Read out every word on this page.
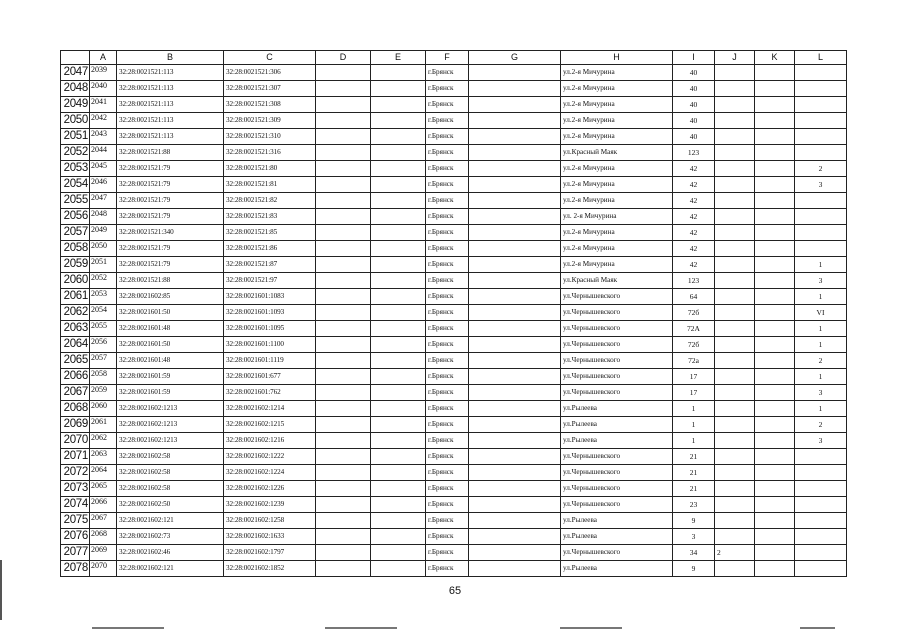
	A	B	C	D	E	F	G	H	I	J	K	L
2047	2039	32:28:0021521:113	32:28:0021521:306			г.Брянск		ул.2-я Мичурина	40			
2048	2040	32:28:0021521:113	32:28:0021521:307			г.Брянск		ул.2-я Мичурина	40			
2049	2041	32:28:0021521:113	32:28:0021521:308			г.Брянск		ул.2-я Мичурина	40			
2050	2042	32:28:0021521:113	32:28:0021521:309			г.Брянск		ул.2-я Мичурина	40			
2051	2043	32:28:0021521:113	32:28:0021521:310			г.Брянск		ул.2-я Мичурина	40			
2052	2044	32:28:0021521:88	32:28:0021521:316			г.Брянск		ул.Красный Маяк	123			
2053	2045	32:28:0021521:79	32:28:0021521:80			г.Брянск		ул.2-я Мичурина	42			2
2054	2046	32:28:0021521:79	32:28:0021521:81			г.Брянск		ул.2-я Мичурина	42			3
2055	2047	32:28:0021521:79	32:28:0021521:82			г.Брянск		ул.2-я Мичурина	42			
2056	2048	32:28:0021521:79	32:28:0021521:83			г.Брянск		ул. 2-я Мичурина	42			
2057	2049	32:28:0021521:340	32:28:0021521:85			г.Брянск		ул.2-я Мичурина	42			
2058	2050	32:28:0021521:79	32:28:0021521:86			г.Брянск		ул.2-я Мичурина	42			
2059	2051	32:28:0021521:79	32:28:0021521:87			г.Брянск		ул.2-я Мичурина	42			1
2060	2052	32:28:0021521:88	32:28:0021521:97			г.Брянск		ул.Красный Маяк	123			3
2061	2053	32:28:0021602:85	32:28:0021601:1083			г.Брянск		ул.Чернышевского	64			1
2062	2054	32:28:0021601:50	32:28:0021601:1093			г.Брянск		ул.Чернышевского	72б			VI
2063	2055	32:28:0021601:48	32:28:0021601:1095			г.Брянск		ул.Чернышевского	72А			1
2064	2056	32:28:0021601:50	32:28:0021601:1100			г.Брянск		ул.Чернышевского	72б			1
2065	2057	32:28:0021601:48	32:28:0021601:1119			г.Брянск		ул.Чернышевского	72а			2
2066	2058	32:28:0021601:59	32:28:0021601:677			г.Брянск		ул.Чернышевского	17			1
2067	2059	32:28:0021601:59	32:28:0021601:762			г.Брянск		ул.Чернышевского	17			3
2068	2060	32:28:0021602:1213	32:28:0021602:1214			г.Брянск		ул.Рылеева	1			1
2069	2061	32:28:0021602:1213	32:28:0021602:1215			г.Брянск		ул.Рылеева	1			2
2070	2062	32:28:0021602:1213	32:28:0021602:1216			г.Брянск		ул.Рылеева	1			3
2071	2063	32:28:0021602:58	32:28:0021602:1222			г.Брянск		ул.Чернышевского	21			
2072	2064	32:28:0021602:58	32:28:0021602:1224			г.Брянск		ул.Чернышевского	21			
2073	2065	32:28:0021602:58	32:28:0021602:1226			г.Брянск		ул.Чернышевского	21			
2074	2066	32:28:0021602:50	32:28:0021602:1239			г.Брянск		ул.Чернышевского	23			
2075	2067	32:28:0021602:121	32:28:0021602:1258			г.Брянск		ул.Рылеева	9			
2076	2068	32:28:0021602:73	32:28:0021602:1633			г.Брянск		ул.Рылеева	3			
2077	2069	32:28:0021602:46	32:28:0021602:1797			г.Брянск		ул.Чернышевского	34	2		
2078	2070	32:28:0021602:121	32:28:0021602:1852			г.Брянск		ул.Рылеева	9			
65
